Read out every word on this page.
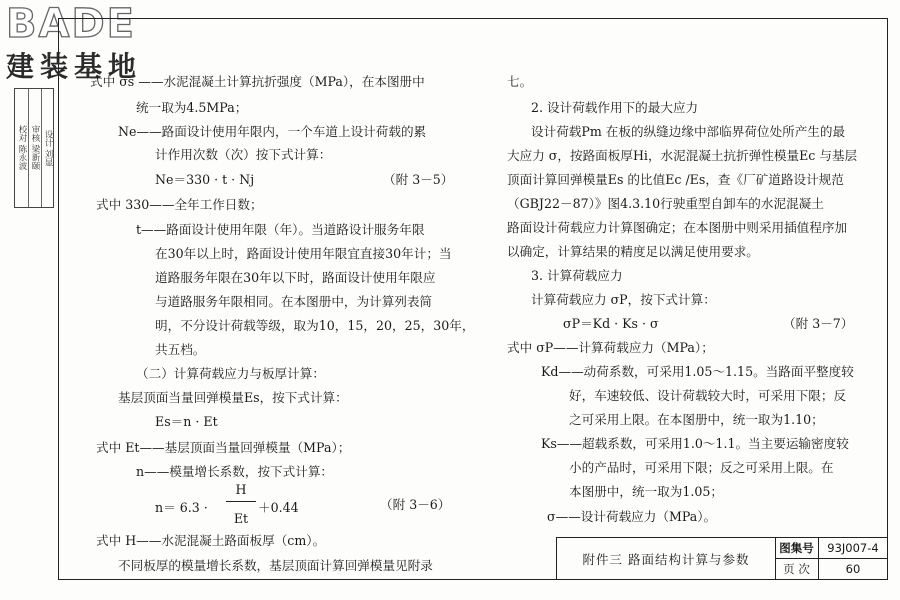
BADE
建装基地
校对 陈永波 审核 梁新颐 设计 刘显
式中 σs ——水泥混凝土计算抗折强度（MPa），在本图册中
统一取为4.5MPa；
Ne——路面设计使用年限内，一个车道上设计荷载的累
计作用次数（次）按下式计算：
Ne＝330 · t · Nj	（附 3－5）
式中 330——全年工作日数；
t——路面设计使用年限（年）。当道路设计服务年限
在30年以上时，路面设计使用年限宜直接30年计；当
道路服务年限在30年以下时，路面设计使用年限应
与道路服务年限相同。在本图册中，为计算列表简
明，不分设计荷载等级，取为10，15，20，25，30年，
共五档。
（二）计算荷载应力与板厚计算：
基层顶面当量回弹模量Es，按下式计算：
Es＝n · Et
式中 Et——基层顶面当量回弹模量（MPa）；
n——模量增长系数，按下式计算：
n＝ 6.3 ·
H
Et
＋0.44	（附 3－6）
式中 H——水泥混凝土路面板厚（cm）。
不同板厚的模量增长系数，基层顶面计算回弹模量见附录
七。
2. 设计荷载作用下的最大应力
设计荷载Pm 在板的纵缝边缘中部临界荷位处所产生的最
大应力 σ，按路面板厚Hi，水泥混凝土抗折弹性模量Ec 与基层
顶面计算回弹模量Es 的比值Ec /Es，查《厂矿道路设计规范
（GBJ22－87）》图4.3.10行驶重型自卸车的水泥混凝土
路面设计荷载应力计算图确定；在本图册中则采用插值程序加
以确定，计算结果的精度足以满足使用要求。
3. 计算荷载应力
计算荷载应力 σP，按下式计算：
σP＝Kd · Ks · σ	（附 3－7）
式中 σP——计算荷载应力（MPa）；
Kd——动荷系数，可采用1.05～1.15。当路面平整度较
好，车速较低、设计荷载较大时，可采用下限；反
之可采用上限。在本图册中，统一取为1.10；
Ks——超载系数，可采用1.0～1.1。当主要运输密度较
小的产品时，可采用下限；反之可采用上限。在
本图册中，统一取为1.05；
σ——设计荷载应力（MPa）。
附件三 路面结构计算与参数
图集号	93J007-4
页 次	60
